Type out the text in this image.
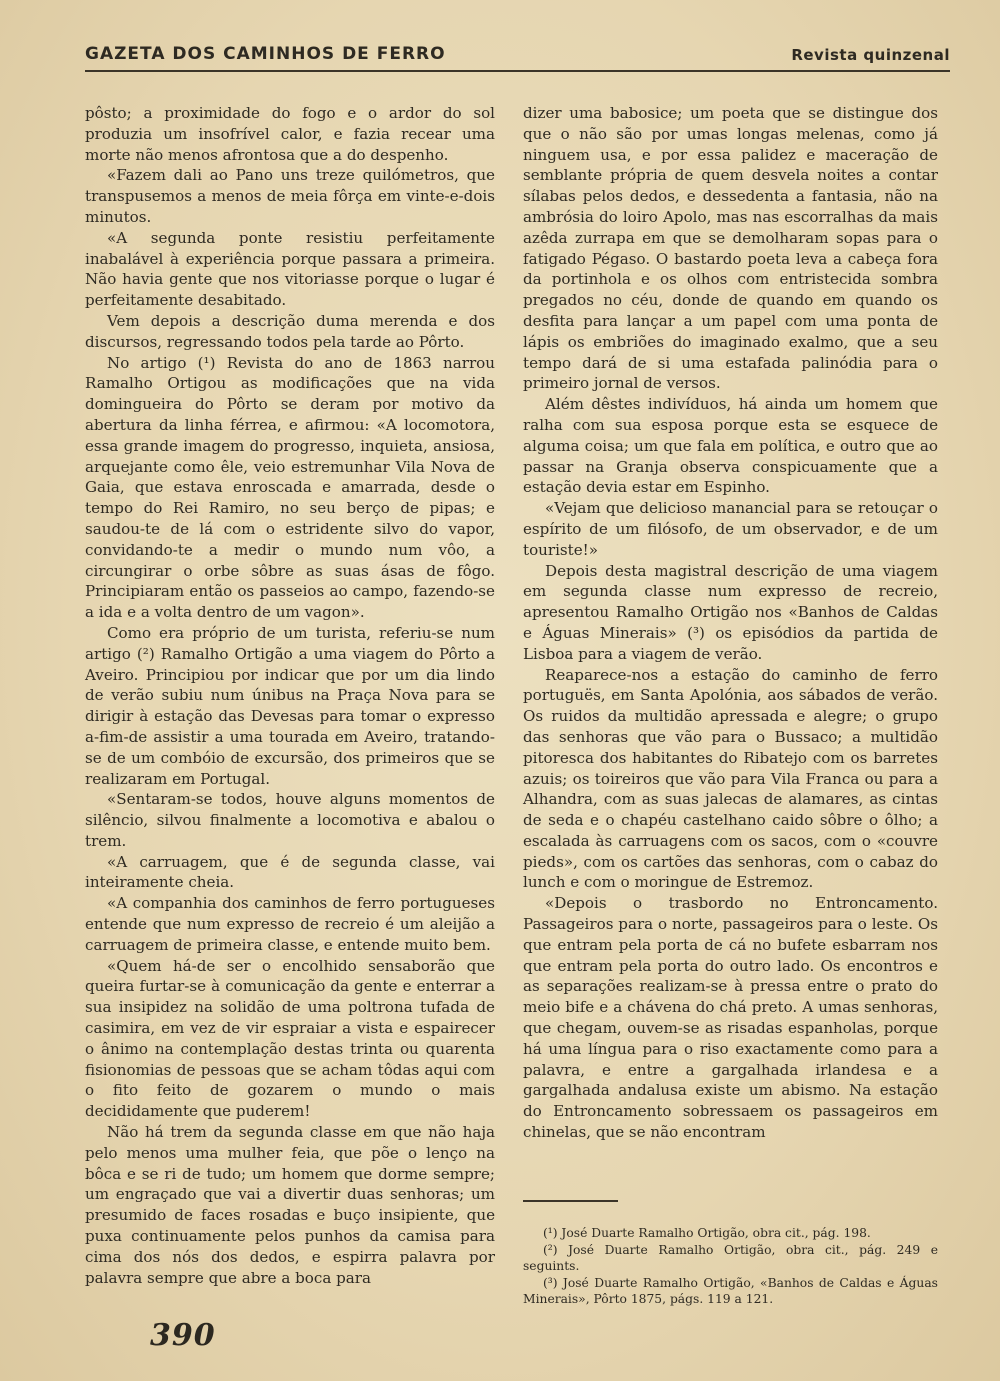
GAZETA DOS CAMINHOS DE FERRO	Revista quinzenal

pôsto; a proximidade do fogo e o ardor do sol produzia um insofrível calor, e fazia recear uma morte não menos afrontosa que a do despenho.

«Fazem dali ao Pano uns treze quilómetros, que transpusemos a menos de meia fôrça em vinte-e-dois minutos.

«A segunda ponte resistiu perfeitamente inabalável à experiência porque passara a primeira. Não havia gente que nos vitoriasse porque o lugar é perfeitamente desabitado.

Vem depois a descrição duma merenda e dos discursos, regressando todos pela tarde ao Pôrto.

No artigo (¹) Revista do ano de 1863 narrou Ramalho Ortigou as modificações que na vida domingueira do Pôrto se deram por motivo da abertura da linha férrea, e afirmou: «A locomotora, essa grande imagem do progresso, inquieta, ansiosa, arquejante como êle, veio estremunhar Vila Nova de Gaia, que estava enroscada e amarrada, desde o tempo do Rei Ramiro, no seu berço de pipas; e saudou-te de lá com o estridente silvo do vapor, convidando-te a medir o mundo num vôo, a circungirar o orbe sôbre as suas ásas de fôgo. Principiaram então os passeios ao campo, fazendo-se a ida e a volta dentro de um vagon».

Como era próprio de um turista, referiu-se num artigo (²) Ramalho Ortigão a uma viagem do Pôrto a Aveiro. Principiou por indicar que por um dia lindo de verão subiu num únibus na Praça Nova para se dirigir à estação das Devesas para tomar o expresso a-fim-de assistir a uma tourada em Aveiro, tratando-se de um combóio de excursão, dos primeiros que se realizaram em Portugal.

«Sentaram-se todos, houve alguns momentos de silêncio, silvou finalmente a locomotiva e abalou o trem.

«A carruagem, que é de segunda classe, vai inteiramente cheia.

«A companhia dos caminhos de ferro portugueses entende que num expresso de recreio é um aleijão a carruagem de primeira classe, e entende muito bem.

«Quem há-de ser o encolhido sensaborão que queira furtar-se à comunicação da gente e enterrar a sua insipidez na solidão de uma poltrona tufada de casimira, em vez de vir espraiar a vista e espairecer o ânimo na contemplação destas trinta ou quarenta fisionomias de pessoas que se acham tôdas aqui com o fito feito de gozarem o mundo o mais decididamente que puderem!

Não há trem da segunda classe em que não haja pelo menos uma mulher feia, que põe o lenço na bôca e se ri de tudo; um homem que dorme sempre; um engraçado que vai a divertir duas senhoras; um presumido de faces rosadas e buço insipiente, que puxa continuamente pelos punhos da camisa para cima dos nós dos dedos, e espirra palavra por palavra sempre que abre a boca para

dizer uma babosice; um poeta que se distingue dos que o não são por umas longas melenas, como já ninguem usa, e por essa palidez e maceração de semblante própria de quem desvela noites a contar sílabas pelos dedos, e dessedenta a fantasia, não na ambrósia do loiro Apolo, mas nas escorralhas da mais azêda zurrapa em que se demolharam sopas para o fatigado Pégaso. O bastardo poeta leva a cabeça fora da portinhola e os olhos com entristecida sombra pregados no céu, donde de quando em quando os desfita para lançar a um papel com uma ponta de lápis os embriões do imaginado exalmo, que a seu tempo dará de si uma estafada palinódia para o primeiro jornal de versos.

Além dêstes indivíduos, há ainda um homem que ralha com sua esposa porque esta se esquece de alguma coisa; um que fala em política, e outro que ao passar na Granja observa conspicuamente que a estação devia estar em Espinho.

«Vejam que delicioso manancial para se retouçar o espírito de um filósofo, de um observador, e de um touriste!»

Depois desta magistral descrição de uma viagem em segunda classe num expresso de recreio, apresentou Ramalho Ortigão nos «Banhos de Caldas e Águas Minerais» (³) os episódios da partida de Lisboa para a viagem de verão.

Reaparece-nos a estação do caminho de ferro portuguës, em Santa Apolónia, aos sábados de verão. Os ruidos da multidão apressada e alegre; o grupo das senhoras que vão para o Bussaco; a multidão pitoresca dos habitantes do Ribatejo com os barretes azuis; os toireiros que vão para Vila Franca ou para a Alhandra, com as suas jalecas de alamares, as cintas de seda e o chapéu castelhano caido sôbre o ôlho; a escalada às carruagens com os sacos, com o «couvre pieds», com os cartões das senhoras, com o cabaz do lunch e com o moringue de Estremoz.

«Depois o trasbordo no Entroncamento. Passageiros para o norte, passageiros para o leste. Os que entram pela porta de cá no bufete esbarram nos que entram pela porta do outro lado. Os encontros e as separações realizam-se à pressa entre o prato do meio bife e a chávena do chá preto. A umas senhoras, que chegam, ouvem-se as risadas espanholas, porque há uma língua para o riso exactamente como para a palavra, e entre a gargalhada irlandesa e a gargalhada andalusa existe um abismo. Na estação do Entroncamento sobressaem os passageiros em chinelas, que se não encontram

(¹) José Duarte Ramalho Ortigão, obra cit., pág. 198.

(²) José Duarte Ramalho Ortigão, obra cit., pág. 249 e seguints.

(³) José Duarte Ramalho Ortigão, «Banhos de Caldas e Águas Minerais», Pôrto 1875, págs. 119 a 121.

390
